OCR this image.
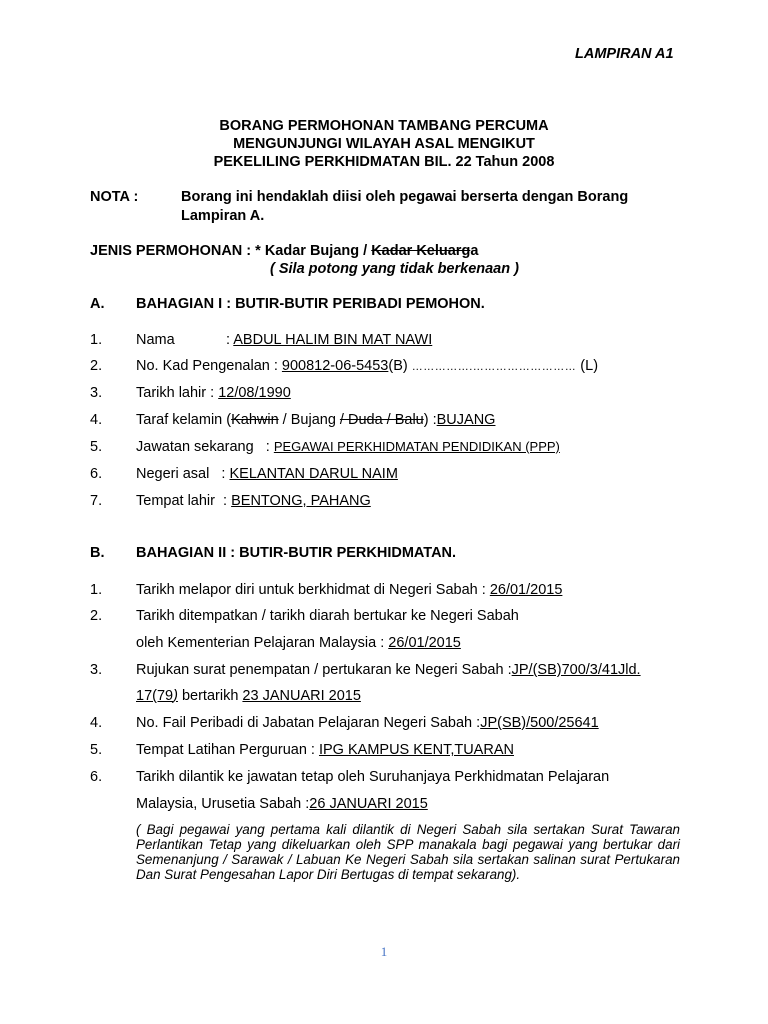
LAMPIRAN A1
BORANG PERMOHONAN TAMBANG PERCUMA
MENGUNJUNGI WILAYAH ASAL MENGIKUT
PEKELILING PERKHIDMATAN BIL. 22 Tahun 2008
NOTA :	Borang ini hendaklah diisi oleh pegawai berserta dengan Borang
Lampiran A.
JENIS PERMOHONAN : * Kadar Bujang / Kadar Keluarga
( Sila potong yang tidak berkenaan )
A. BAHAGIAN I : BUTIR-BUTIR PERIBADI PEMOHON.
1. Nama	: ABDUL HALIM BIN MAT NAWI
2. No. Kad Pengenalan : 900812-06-5453(B) …………….……………………… (L)
3. Tarikh lahir : 12/08/1990
4. Taraf kelamin (Kahwin / Bujang / Duda / Balu) :BUJANG
5. Jawatan sekarang   : PEGAWAI PERKHIDMATAN PENDIDIKAN (PPP)
6. Negeri asal   : KELANTAN DARUL NAIM
7. Tempat lahir  : BENTONG, PAHANG
B. BAHAGIAN II : BUTIR-BUTIR PERKHIDMATAN.
1. Tarikh melapor diri untuk berkhidmat di Negeri Sabah : 26/01/2015
2. Tarikh ditempatkan / tarikh diarah bertukar ke Negeri Sabah
oleh Kementerian Pelajaran Malaysia : 26/01/2015
3. Rujukan surat penempatan / pertukaran ke Negeri Sabah :JP/(SB)700/3/41Jld.
17(79) bertarikh 23 JANUARI 2015
4. No. Fail Peribadi di Jabatan Pelajaran Negeri Sabah :JP(SB)/500/25641
5. Tempat Latihan Perguruan : IPG KAMPUS KENT,TUARAN
6. Tarikh dilantik ke jawatan tetap oleh Suruhanjaya Perkhidmatan Pelajaran
Malaysia, Urusetia Sabah :26 JANUARI 2015
( Bagi pegawai yang pertama kali dilantik di Negeri Sabah sila sertakan Surat Tawaran Perlantikan Tetap yang dikeluarkan oleh SPP manakala bagi pegawai yang bertukar dari Semenanjung / Sarawak / Labuan Ke Negeri Sabah sila sertakan salinan surat Pertukaran Dan Surat Pengesahan Lapor Diri Bertugas di tempat sekarang).
1
